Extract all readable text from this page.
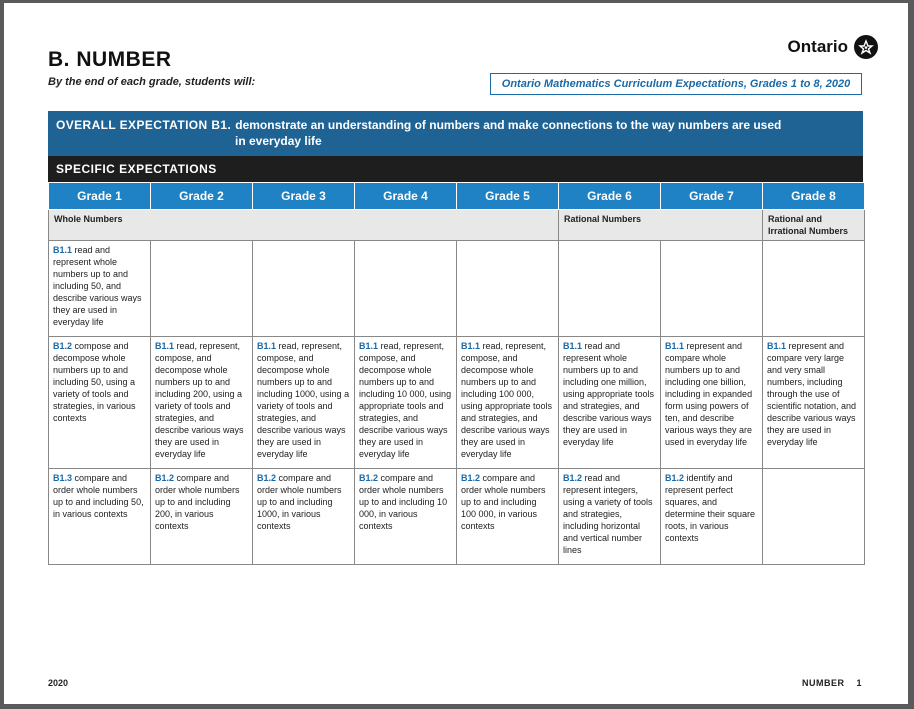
B. NUMBER
By the end of each grade, students will:
Ontario
Ontario Mathematics Curriculum Expectations, Grades 1 to 8, 2020
OVERALL EXPECTATION B1. demonstrate an understanding of numbers and make connections to the way numbers are used
in everyday life
SPECIFIC EXPECTATIONS
Grade 1	Grade 2	Grade 3	Grade 4	Grade 5	Grade 6	Grade 7	Grade 8
Whole Numbers					Rational Numbers		Rational and Irrational Numbers
B1.1 read and represent whole numbers up to and including 50, and describe various ways they are used in everyday life							
B1.2 compose and decompose whole numbers up to and including 50, using a variety of tools and strategies, in various contexts	B1.1 read, represent, compose, and decompose whole numbers up to and including 200, using a variety of tools and strategies, and describe various ways they are used in everyday life	B1.1 read, represent, compose, and decompose whole numbers up to and including 1000, using a variety of tools and strategies, and describe various ways they are used in everyday life	B1.1 read, represent, compose, and decompose whole numbers up to and including 10 000, using appropriate tools and strategies, and describe various ways they are used in everyday life	B1.1 read, represent, compose, and decompose whole numbers up to and including 100 000, using appropriate tools and strategies, and describe various ways they are used in everyday life	B1.1 read and represent whole numbers up to and including one million, using appropriate tools and strategies, and describe various ways they are used in everyday life	B1.1 represent and compare whole numbers up to and including one billion, including in expanded form using powers of ten, and describe various ways they are used in everyday life	B1.1 represent and compare very large and very small numbers, including through the use of scientific notation, and describe various ways they are used in everyday life
B1.3 compare and order whole numbers up to and including 50, in various contexts	B1.2 compare and order whole numbers up to and including 200, in various contexts	B1.2 compare and order whole numbers up to and including 1000, in various contexts	B1.2 compare and order whole numbers up to and including 10 000, in various contexts	B1.2 compare and order whole numbers up to and including 100 000, in various contexts	B1.2 read and represent integers, using a variety of tools and strategies, including horizontal and vertical number lines	B1.2 identify and represent perfect squares, and determine their square roots, in various contexts	
2020	NUMBER 1
